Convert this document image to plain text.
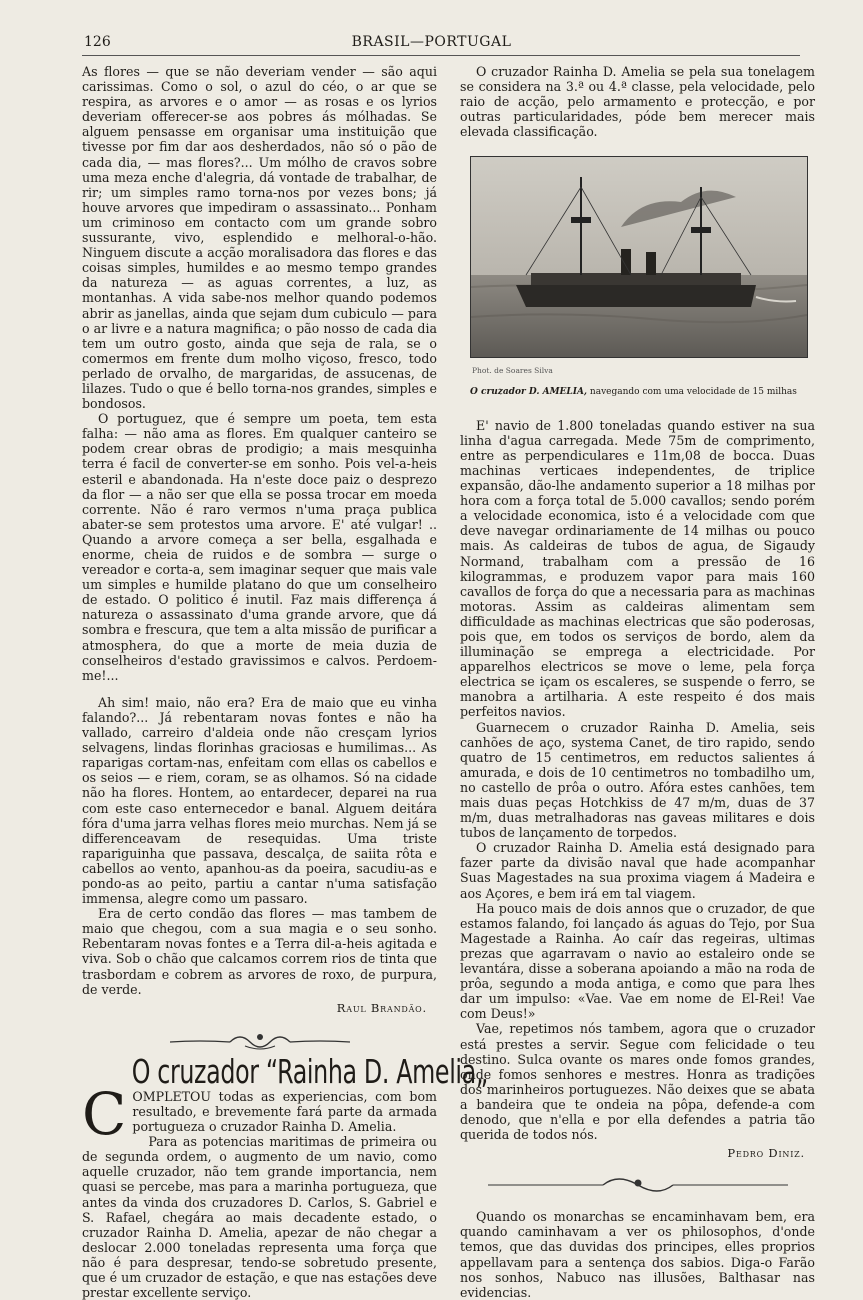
126	BRASIL—PORTUGAL

As flores — que se não deveriam vender — são aqui carissimas. Como o sol, o azul do céo, o ar que se respira, as arvores e o amor — as rosas e os lyrios deveriam offerecer-se aos pobres ás mólhadas. Se alguem pensasse em organisar uma instituição que tivesse por fim dar aos desherdados, não só o pão de cada dia, — mas flores?... Um mólho de cravos sobre uma meza enche d'alegria, dá vontade de trabalhar, de rir; um simples ramo torna-nos por vezes bons; já houve arvores que impediram o assassinato... Ponham um criminoso em contacto com um grande sobro sussurante, vivo, esplendido e melhoral-o-hão. Ninguem discute a acção moralisadora das flores e das coisas simples, humildes e ao mesmo tempo grandes da natureza — as aguas correntes, a luz, as montanhas. A vida sabe-nos melhor quando podemos abrir as janellas, ainda que sejam dum cubiculo — para o ar livre e a natura magnifica; o pão nosso de cada dia tem um outro gosto, ainda que seja de rala, se o comermos em frente dum molho viçoso, fresco, todo perlado de orvalho, de margaridas, de assucenas, de lilazes. Tudo o que é bello torna-nos grandes, simples e bondosos.

O portuguez, que é sempre um poeta, tem esta falha: — não ama as flores. Em qualquer canteiro se podem crear obras de prodigio; a mais mesquinha terra é facil de converter-se em sonho. Pois vel-a-heis esteril e abandonada. Ha n'este doce paiz o desprezo da flor — a não ser que ella se possa trocar em moeda corrente. Não é raro vermos n'uma praça publica abater-se sem protestos uma arvore. E' até vulgar! .. Quando a arvore começa a ser bella, esgalhada e enorme, cheia de ruidos e de sombra — surge o vereador e corta-a, sem imaginar sequer que mais vale um simples e humilde platano do que um conselheiro de estado. O politico é inutil. Faz mais differença á natureza o assassinato d'uma grande arvore, que dá sombra e frescura, que tem a alta missão de purificar a atmosphera, do que a morte de meia duzia de conselheiros d'estado gravissimos e calvos. Perdoem-me!...

Ah sim! maio, não era? Era de maio que eu vinha falando?... Já rebentaram novas fontes e não ha vallado, carreiro d'aldeia onde não cresçam lyrios selvagens, lindas florinhas graciosas e humilimas... As raparigas cortam-nas, enfeitam com ellas os cabellos e os seios — e riem, coram, se as olhamos. Só na cidade não ha flores. Hontem, ao entardecer, deparei na rua com este caso enternecedor e banal. Alguem deitára fóra d'uma jarra velhas flores meio murchas. Nem já se differenceavam de resequidas. Uma triste rapariguinha que passava, descalça, de saiita rôta e cabellos ao vento, apanhou-as da poeira, sacudiu-as e pondo-as ao peito, partiu a cantar n'uma satisfação immensa, alegre como um passaro.

Era de certo condão das flores — mas tambem de maio que chegou, com a sua magia e o seu sonho. Rebentaram novas fontes e a Terra dil-a-heis agitada e viva. Sob o chão que calcamos correm rios de tinta que trasbordam e cobrem as arvores de roxo, de purpura, de verde.

Raul Brandão.
O cruzador “Rainha D. Amelia„

COMPLETOU todas as experiencias, com bom resultado, e brevemente fará parte da armada portugueza o cruzador Rainha D. Amelia.

Para as potencias maritimas de primeira ou de segunda ordem, o augmento de um navio, como aquelle cruzador, não tem grande importancia, nem quasi se percebe, mas para a marinha portugueza, que antes da vinda dos cruzadores D. Carlos, S. Gabriel e S. Rafael, chegára ao mais decadente estado, o cruzador Rainha D. Amelia, apezar de não chegar a deslocar 2.000 toneladas representa uma força que não é para despresar, tendo-se sobretudo presente, que é um cruzador de estação, e que nas estações deve prestar excellente serviço.

O cruzador Rainha D. Amelia se pela sua tonelagem se considera na 3.ª ou 4.ª classe, pela velocidade, pelo raio de acção, pelo armamento e protecção, e por outras particularidades, póde bem merecer mais elevada classificação.

Phot. de Soares Silva
O cruzador D. AMELIA, navegando com uma velocidade de 15 milhas

E' navio de 1.800 toneladas quando estiver na sua linha d'agua carregada. Mede 75m de comprimento, entre as perpendiculares e 11m,08 de bocca. Duas machinas verticaes independentes, de triplice expansão, dão-lhe andamento superior a 18 milhas por hora com a força total de 5.000 cavallos; sendo porém a velocidade economica, isto é a velocidade com que deve navegar ordinariamente de 14 milhas ou pouco mais. As caldeiras de tubos de agua, de Sigaudy Normand, trabalham com a pressão de 16 kilogrammas, e produzem vapor para mais 160 cavallos de força do que a necessaria para as machinas motoras. Assim as caldeiras alimentam sem difficuldade as machinas electricas que são poderosas, pois que, em todos os serviços de bordo, alem da illuminação se emprega a electricidade. Por apparelhos electricos se move o leme, pela força electrica se içam os escaleres, se suspende o ferro, se manobra a artilharia. A este respeito é dos mais perfeitos navios.

Guarnecem o cruzador Rainha D. Amelia, seis canhões de aço, systema Canet, de tiro rapido, sendo quatro de 15 centimetros, em reductos salientes á amurada, e dois de 10 centimetros no tombadilho um, no castello de prôa o outro. Afóra estes canhões, tem mais duas peças Hotchkiss de 47 m/m, duas de 37 m/m, duas metralhadoras nas gaveas militares e dois tubos de lançamento de torpedos.

O cruzador Rainha D. Amelia está designado para fazer parte da divisão naval que hade acompanhar Suas Magestades na sua proxima viagem á Madeira e aos Açores, e bem irá em tal viagem.

Ha pouco mais de dois annos que o cruzador, de que estamos falando, foi lançado ás aguas do Tejo, por Sua Magestade a Rainha. Ao caír das regeiras, ultimas prezas que agarravam o navio ao estaleiro onde se levantára, disse a soberana apoiando a mão na roda de prôa, segundo a moda antiga, e como que para lhes dar um impulso: «Vae. Vae em nome de El-Rei! Vae com Deus!»

Vae, repetimos nós tambem, agora que o cruzador está prestes a servir. Segue com felicidade o teu destino. Sulca ovante os mares onde fomos grandes, onde fomos senhores e mestres. Honra as tradições dos marinheiros portuguezes. Não deixes que se abata a bandeira que te ondeia na pôpa, defende-a com denodo, que n'ella e por ella defendes a patria tão querida de todos nós.

Pedro Diniz.

Quando os monarchas se encaminhavam bem, era quando caminhavam a ver os philosophos, d'onde temos, que das duvidas dos principes, elles proprios appellavam para a sentença dos sabios. Diga-o Farão nos sonhos, Nabuco nas illusões, Balthasar nas evidencias.
